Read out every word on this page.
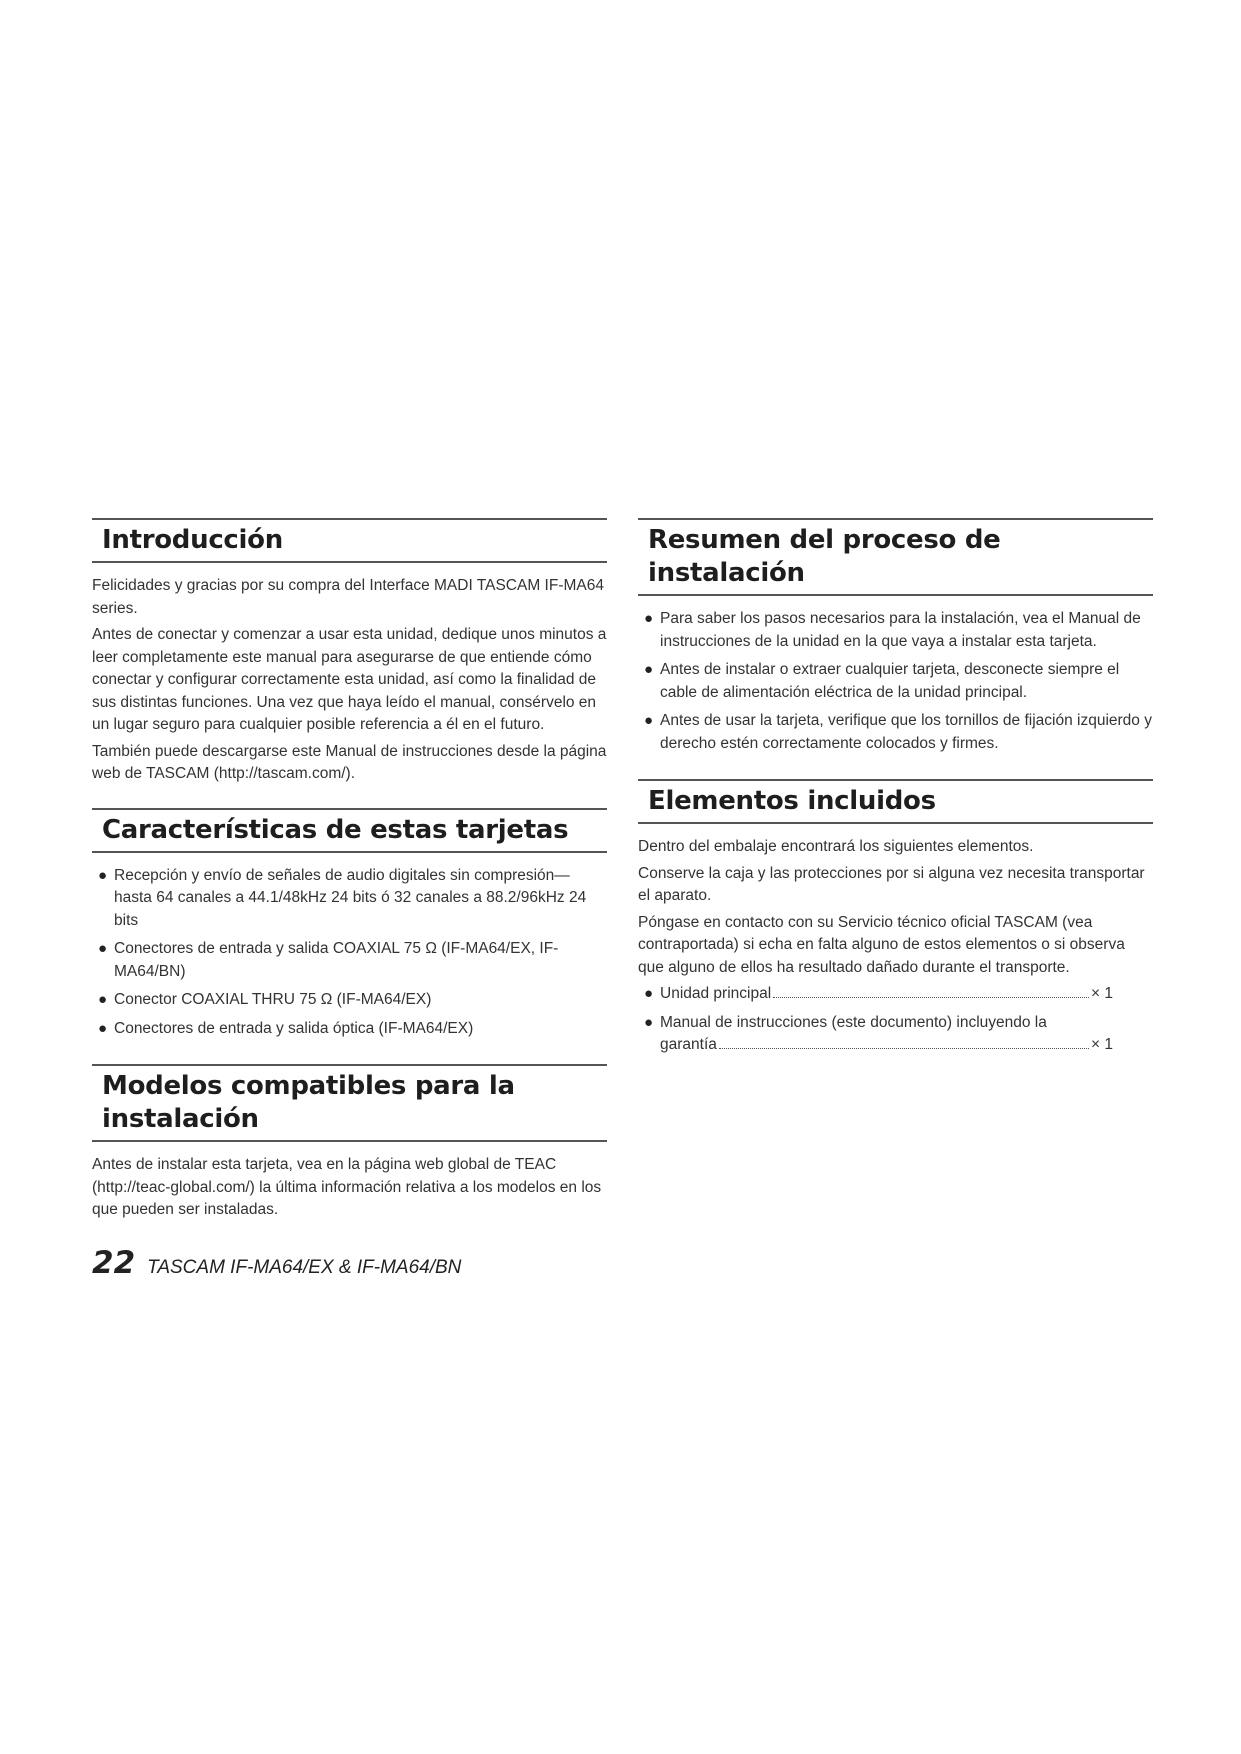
Introducción

Felicidades y gracias por su compra del Interface MADI TASCAM IF-MA64 series.

Antes de conectar y comenzar a usar esta unidad, dedique unos minutos a leer completamente este manual para asegurarse de que entiende cómo conectar y configurar correctamente esta unidad, así como la finalidad de sus distintas funciones. Una vez que haya leído el manual, consérvelo en un lugar seguro para cualquier posible referencia a él en el futuro.

También puede descargarse este Manual de instrucciones desde la página web de TASCAM (http://tascam.com/).

Características de estas tarjetas
● Recepción y envío de señales de audio digitales sin compresión—hasta 64 canales a 44.1/48kHz 24 bits ó 32 canales a 88.2/96kHz 24 bits
● Conectores de entrada y salida COAXIAL 75 Ω (IF-MA64/EX, IF-MA64/BN)
● Conector COAXIAL THRU 75 Ω (IF-MA64/EX)
● Conectores de entrada y salida óptica (IF-MA64/EX)
Modelos compatibles para la instalación

Antes de instalar esta tarjeta, vea en la página web global de TEAC (http://teac-global.com/) la última información relativa a los modelos en los que pueden ser instaladas.

Resumen del proceso de instalación
● Para saber los pasos necesarios para la instalación, vea el Manual de instrucciones de la unidad en la que vaya a instalar esta tarjeta.
● Antes de instalar o extraer cualquier tarjeta, desconecte siempre el cable de alimentación eléctrica de la unidad principal.
● Antes de usar la tarjeta, verifique que los tornillos de fijación izquierdo y derecho estén correctamente colocados y firmes.
Elementos incluidos

Dentro del embalaje encontrará los siguientes elementos.

Conserve la caja y las protecciones por si alguna vez necesita transportar el aparato.

Póngase en contacto con su Servicio técnico oficial TASCAM (vea contraportada) si echa en falta alguno de estos elementos o si observa que alguno de ellos ha resultado dañado durante el transporte.

● Unidad principal	× 1
● Manual de instrucciones (este documento) incluyendo la
garantía	× 1
22 TASCAM IF-MA64/EX & IF-MA64/BN
